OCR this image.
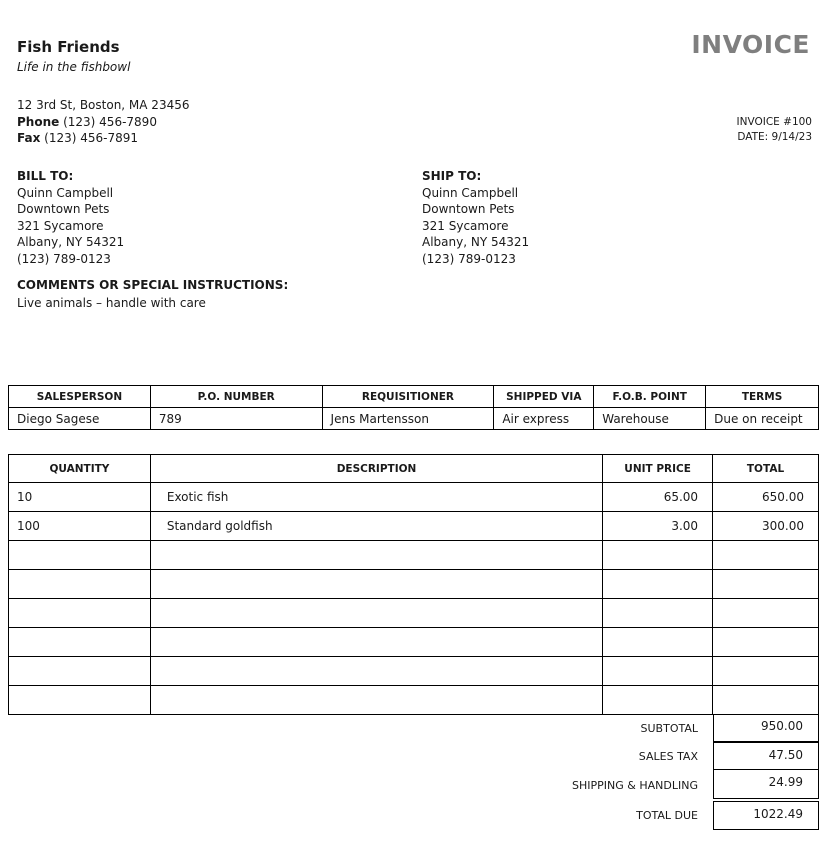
Fish Friends
Life in the fishbowl
12 3rd St, Boston, MA 23456
Phone (123) 456-7890
Fax (123) 456-7891
INVOICE
INVOICE #100
DATE: 9/14/23
BILL TO:
Quinn Campbell
Downtown Pets
321 Sycamore
Albany, NY 54321
(123) 789-0123
SHIP TO:
Quinn Campbell
Downtown Pets
321 Sycamore
Albany, NY 54321
(123) 789-0123
COMMENTS OR SPECIAL INSTRUCTIONS:
Live animals – handle with care
SALESPERSON	P.O. NUMBER	REQUISITIONER	SHIPPED VIA	F.O.B. POINT	TERMS
Diego Sagese	789	Jens Martensson	Air express	Warehouse	Due on receipt
QUANTITY	DESCRIPTION	UNIT PRICE	TOTAL
10	Exotic fish	65.00	650.00
100	Standard goldfish	3.00	300.00

SUBTOTAL	950.00
SALES TAX	47.50
SHIPPING & HANDLING	24.99
TOTAL DUE	1022.49
